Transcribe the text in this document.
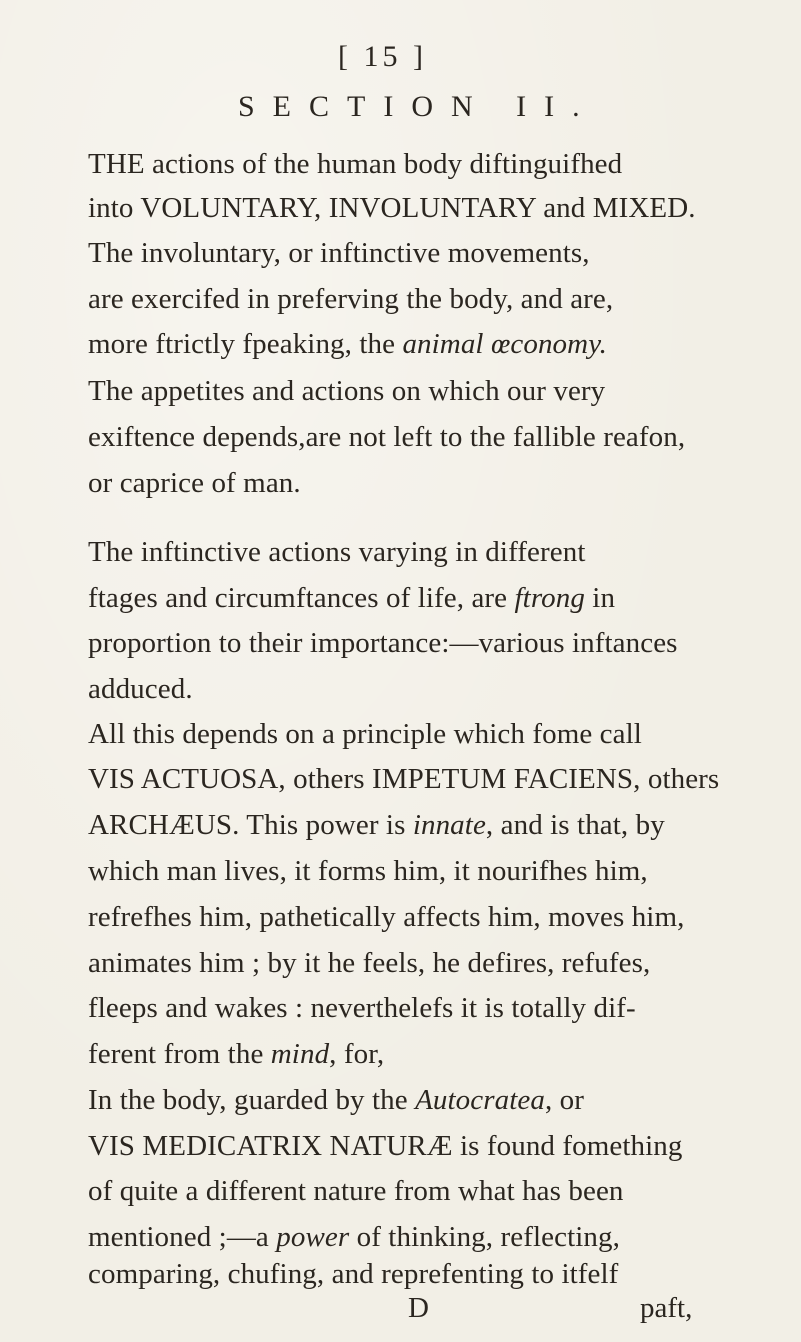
[ 15 ]
SECTION II.
THE actions of the human body diftinguifhed
into VOLUNTARY, INVOLUNTARY and MIXED.
The involuntary, or inftinctive movements,
are exercifed in preferving the body, and are,
more ftrictly fpeaking, the animal œconomy.
The appetites and actions on which our very
exiftence depends,are not left to the fallible reafon,
or caprice of man.
The inftinctive actions varying in different
ftages and circumftances of life, are ftrong in
proportion to their importance:—various inftances
adduced.
All this depends on a principle which fome call
VIS ACTUOSA, others IMPETUM FACIENS, others
ARCHÆUS. This power is innate, and is that, by
which man lives, it forms him, it nourifhes him,
refrefhes him, pathetically affects him, moves him,
animates him ; by it he feels, he defires, refufes,
fleeps and wakes : neverthelefs it is totally dif-
ferent from the mind, for,
In the body, guarded by the Autocratea, or
VIS MEDICATRIX NATURÆ is found fomething
of quite a different nature from what has been
mentioned ;—a power of thinking, reflecting,
comparing, chufing, and reprefenting to itfelf
D	paft,
